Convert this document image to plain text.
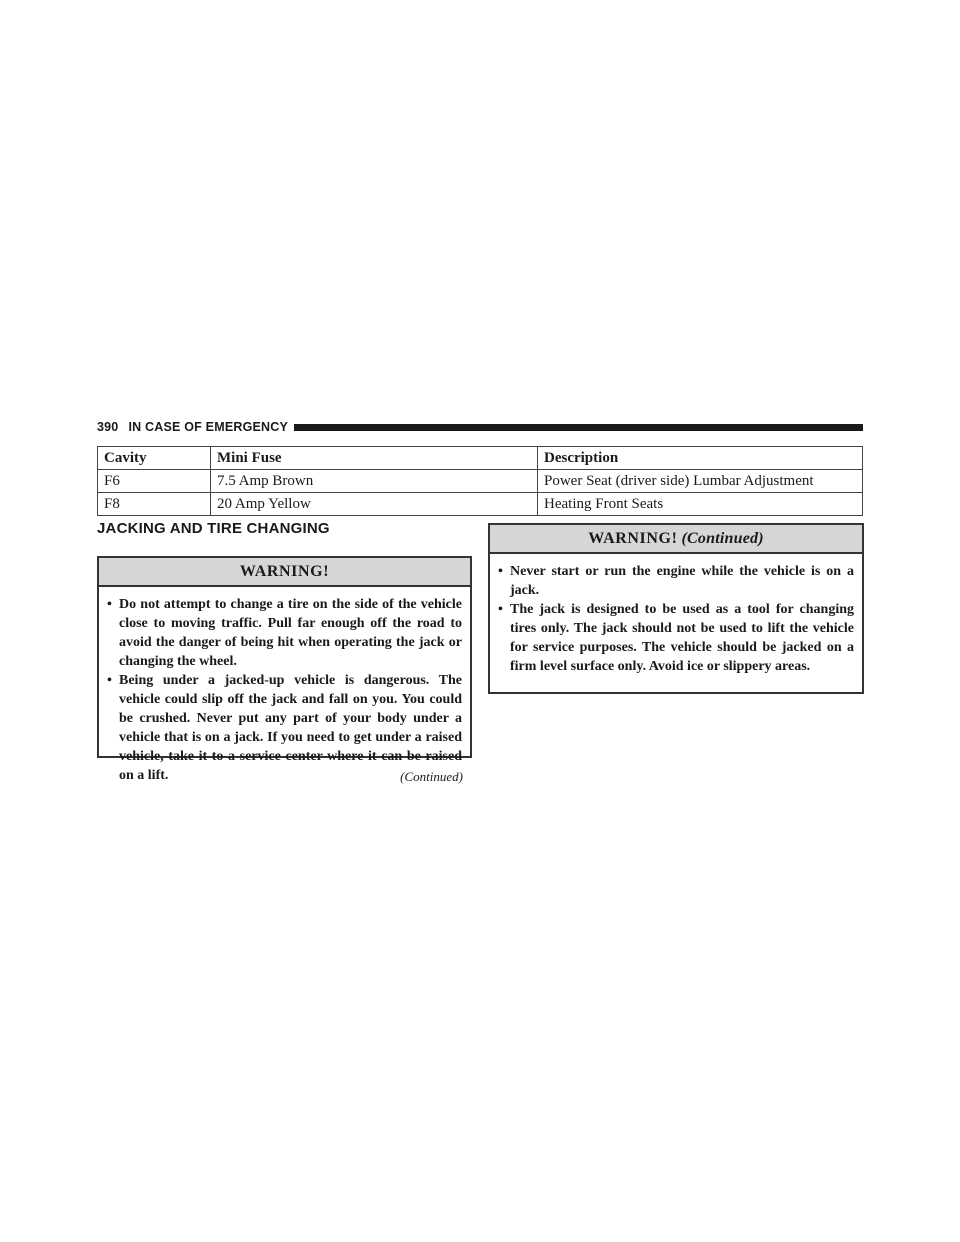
390 IN CASE OF EMERGENCY
Cavity	Mini Fuse	Description
F6	7.5 Amp Brown	Power Seat (driver side) Lumbar Adjustment
F8	20 Amp Yellow	Heating Front Seats
JACKING AND TIRE CHANGING
WARNING!
• Do not attempt to change a tire on the side of the vehicle close to moving traffic. Pull far enough off the road to avoid the danger of being hit when operating the jack or changing the wheel.
• Being under a jacked-up vehicle is dangerous. The vehicle could slip off the jack and fall on you. You could be crushed. Never put any part of your body under a vehicle that is on a jack. If you need to get under a raised vehicle, take it to a service center where it can be raised on a lift.	(Continued)
WARNING! (Continued)
• Never start or run the engine while the vehicle is on a jack.
• The jack is designed to be used as a tool for changing tires only. The jack should not be used to lift the vehicle for service purposes. The vehicle should be jacked on a firm level surface only. Avoid ice or slippery areas.
